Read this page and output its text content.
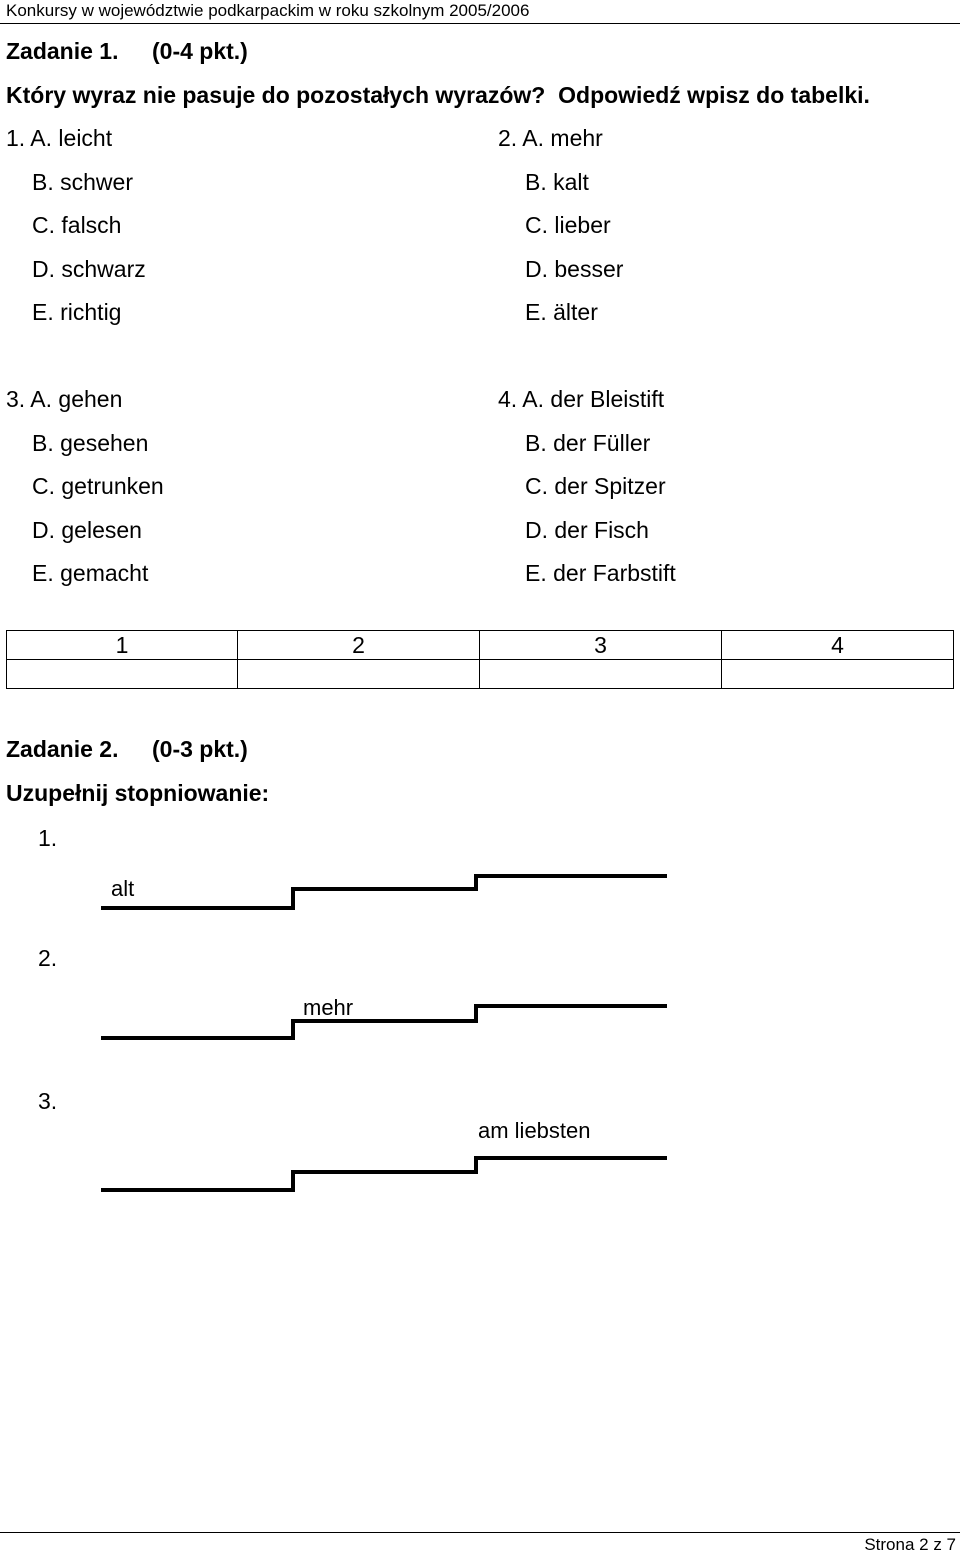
Konkursy w województwie podkarpackim w roku szkolnym 2005/2006
Zadanie 1. (0-4 pkt.)
Który wyraz nie pasuje do pozostałych wyrazów?  Odpowiedź wpisz do tabelki.
1. A. leicht
B. schwer
C. falsch
D. schwarz
E. richtig
2. A. mehr
B. kalt
C. lieber
D. besser
E. älter
3. A. gehen
B. gesehen
C. getrunken
D. gelesen
E. gemacht
4. A. der Bleistift
B. der Füller
C. der Spitzer
D. der Fisch
E. der Farbstift
1	2	3	4

Zadanie 2. (0-3 pkt.)
Uzupełnij stopniowanie:
1.
alt
2.
mehr
3.
am liebsten
Strona 2 z 7
